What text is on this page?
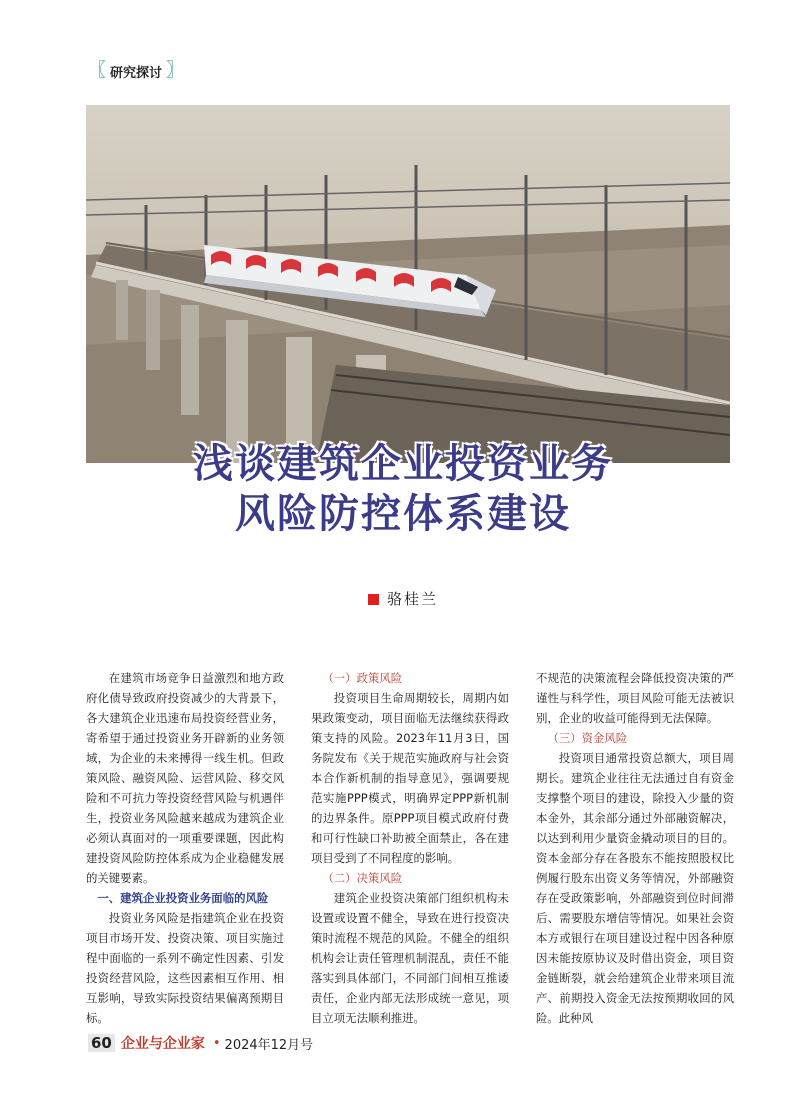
〖 研究探讨 〗
浅谈建筑企业投资业务
风险防控体系建设
骆桂兰

在建筑市场竞争日益激烈和地方政府化债导致政府投资减少的大背景下，各大建筑企业迅速布局投资经营业务，寄希望于通过投资业务开辟新的业务领域，为企业的未来搏得一线生机。但政策风险、融资风险、运营风险、移交风险和不可抗力等投资经营风险与机遇伴生，投资业务风险越来越成为建筑企业必须认真面对的一项重要课题，因此构建投资风险防控体系成为企业稳健发展的关键要素。

一、建筑企业投资业务面临的风险

投资业务风险是指建筑企业在投资项目市场开发、投资决策、项目实施过程中面临的一系列不确定性因素、引发投资经营风险，这些因素相互作用、相互影响，导致实际投资结果偏离预期目标。

（一）政策风险

投资项目生命周期较长，周期内如果政策变动，项目面临无法继续获得政策支持的风险。2023年11月3日，国务院发布《关于规范实施政府与社会资本合作新机制的指导意见》，强调要规范实施PPP模式，明确界定PPP新机制的边界条件。原PPP项目模式政府付费和可行性缺口补助被全面禁止，各在建项目受到了不同程度的影响。

（二）决策风险

建筑企业投资决策部门组织机构未设置或设置不健全，导致在进行投资决策时流程不规范的风险。不健全的组织机构会让责任管理机制混乱，责任不能落实到具体部门，不同部门间相互推诿责任，企业内部无法形成统一意见，项目立项无法顺利推进。

不规范的决策流程会降低投资决策的严谨性与科学性，项目风险可能无法被识别，企业的收益可能得到无法保障。

（三）资金风险

投资项目通常投资总额大，项目周期长。建筑企业往往无法通过自有资金支撑整个项目的建设，除投入少量的资本金外，其余部分通过外部融资解决，以达到利用少量资金撬动项目的目的。资本金部分存在各股东不能按照股权比例履行股东出资义务等情况，外部融资存在受政策影响，外部融资到位时间滞后、需要股东增信等情况。如果社会资本方或银行在项目建设过程中因各种原因未能按原协议及时借出资金，项目资金链断裂，就会给建筑企业带来项目流产、前期投入资金无法按预期收回的风险。此种风

60 企业与企业家 • 2024年12月号
